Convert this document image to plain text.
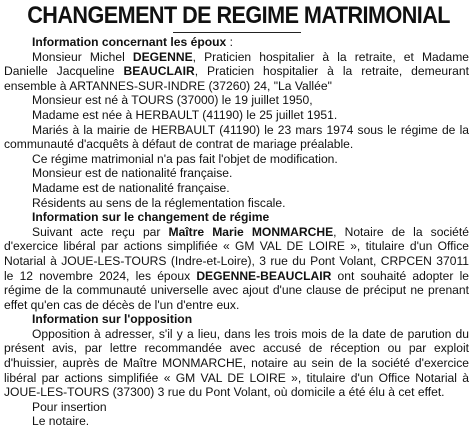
CHANGEMENT DE REGIME MATRIMONIAL

Information concernant les époux :

Monsieur Michel DEGENNE, Praticien hospitalier à la retraite, et Madame Danielle Jacqueline BEAUCLAIR, Praticien hospitalier à la retraite, demeurant ensemble à ARTANNES-SUR-INDRE (37260) 24, "La Vallée"

Monsieur est né à TOURS (37000) le 19 juillet 1950,

Madame est née à HERBAULT (41190) le 25 juillet 1951.

Mariés à la mairie de HERBAULT (41190) le 23 mars 1974 sous le régime de la communauté d'acquêts à défaut de contrat de mariage préalable.

Ce régime matrimonial n'a pas fait l'objet de modification.

Monsieur est de nationalité française.

Madame est de nationalité française.

Résidents au sens de la réglementation fiscale.

Information sur le changement de régime

Suivant acte reçu par Maître Marie MONMARCHE, Notaire de la société d'exercice libéral par actions simplifiée « GM VAL DE LOIRE », titulaire d'un Office Notarial à JOUE-LES-TOURS (Indre-et-Loire), 3 rue du Pont Volant, CRPCEN 37011 le 12 novembre 2024, les époux DEGENNE-BEAUCLAIR ont souhaité adopter le régime de la communauté universelle avec ajout d'une clause de préciput ne prenant effet qu'en cas de décès de l'un d'entre eux.

Information sur l'opposition

Opposition à adresser, s'il y a lieu, dans les trois mois de la date de parution du présent avis, par lettre recommandée avec accusé de réception ou par exploit d'huissier, auprès de Maître MONMARCHE, notaire au sein de la société d'exercice libéral par actions simplifiée « GM VAL DE LOIRE », titulaire d'un Office Notarial à JOUE-LES-TOURS (37300) 3 rue du Pont Volant, où domicile a été élu à cet effet.

Pour insertion

Le notaire.
